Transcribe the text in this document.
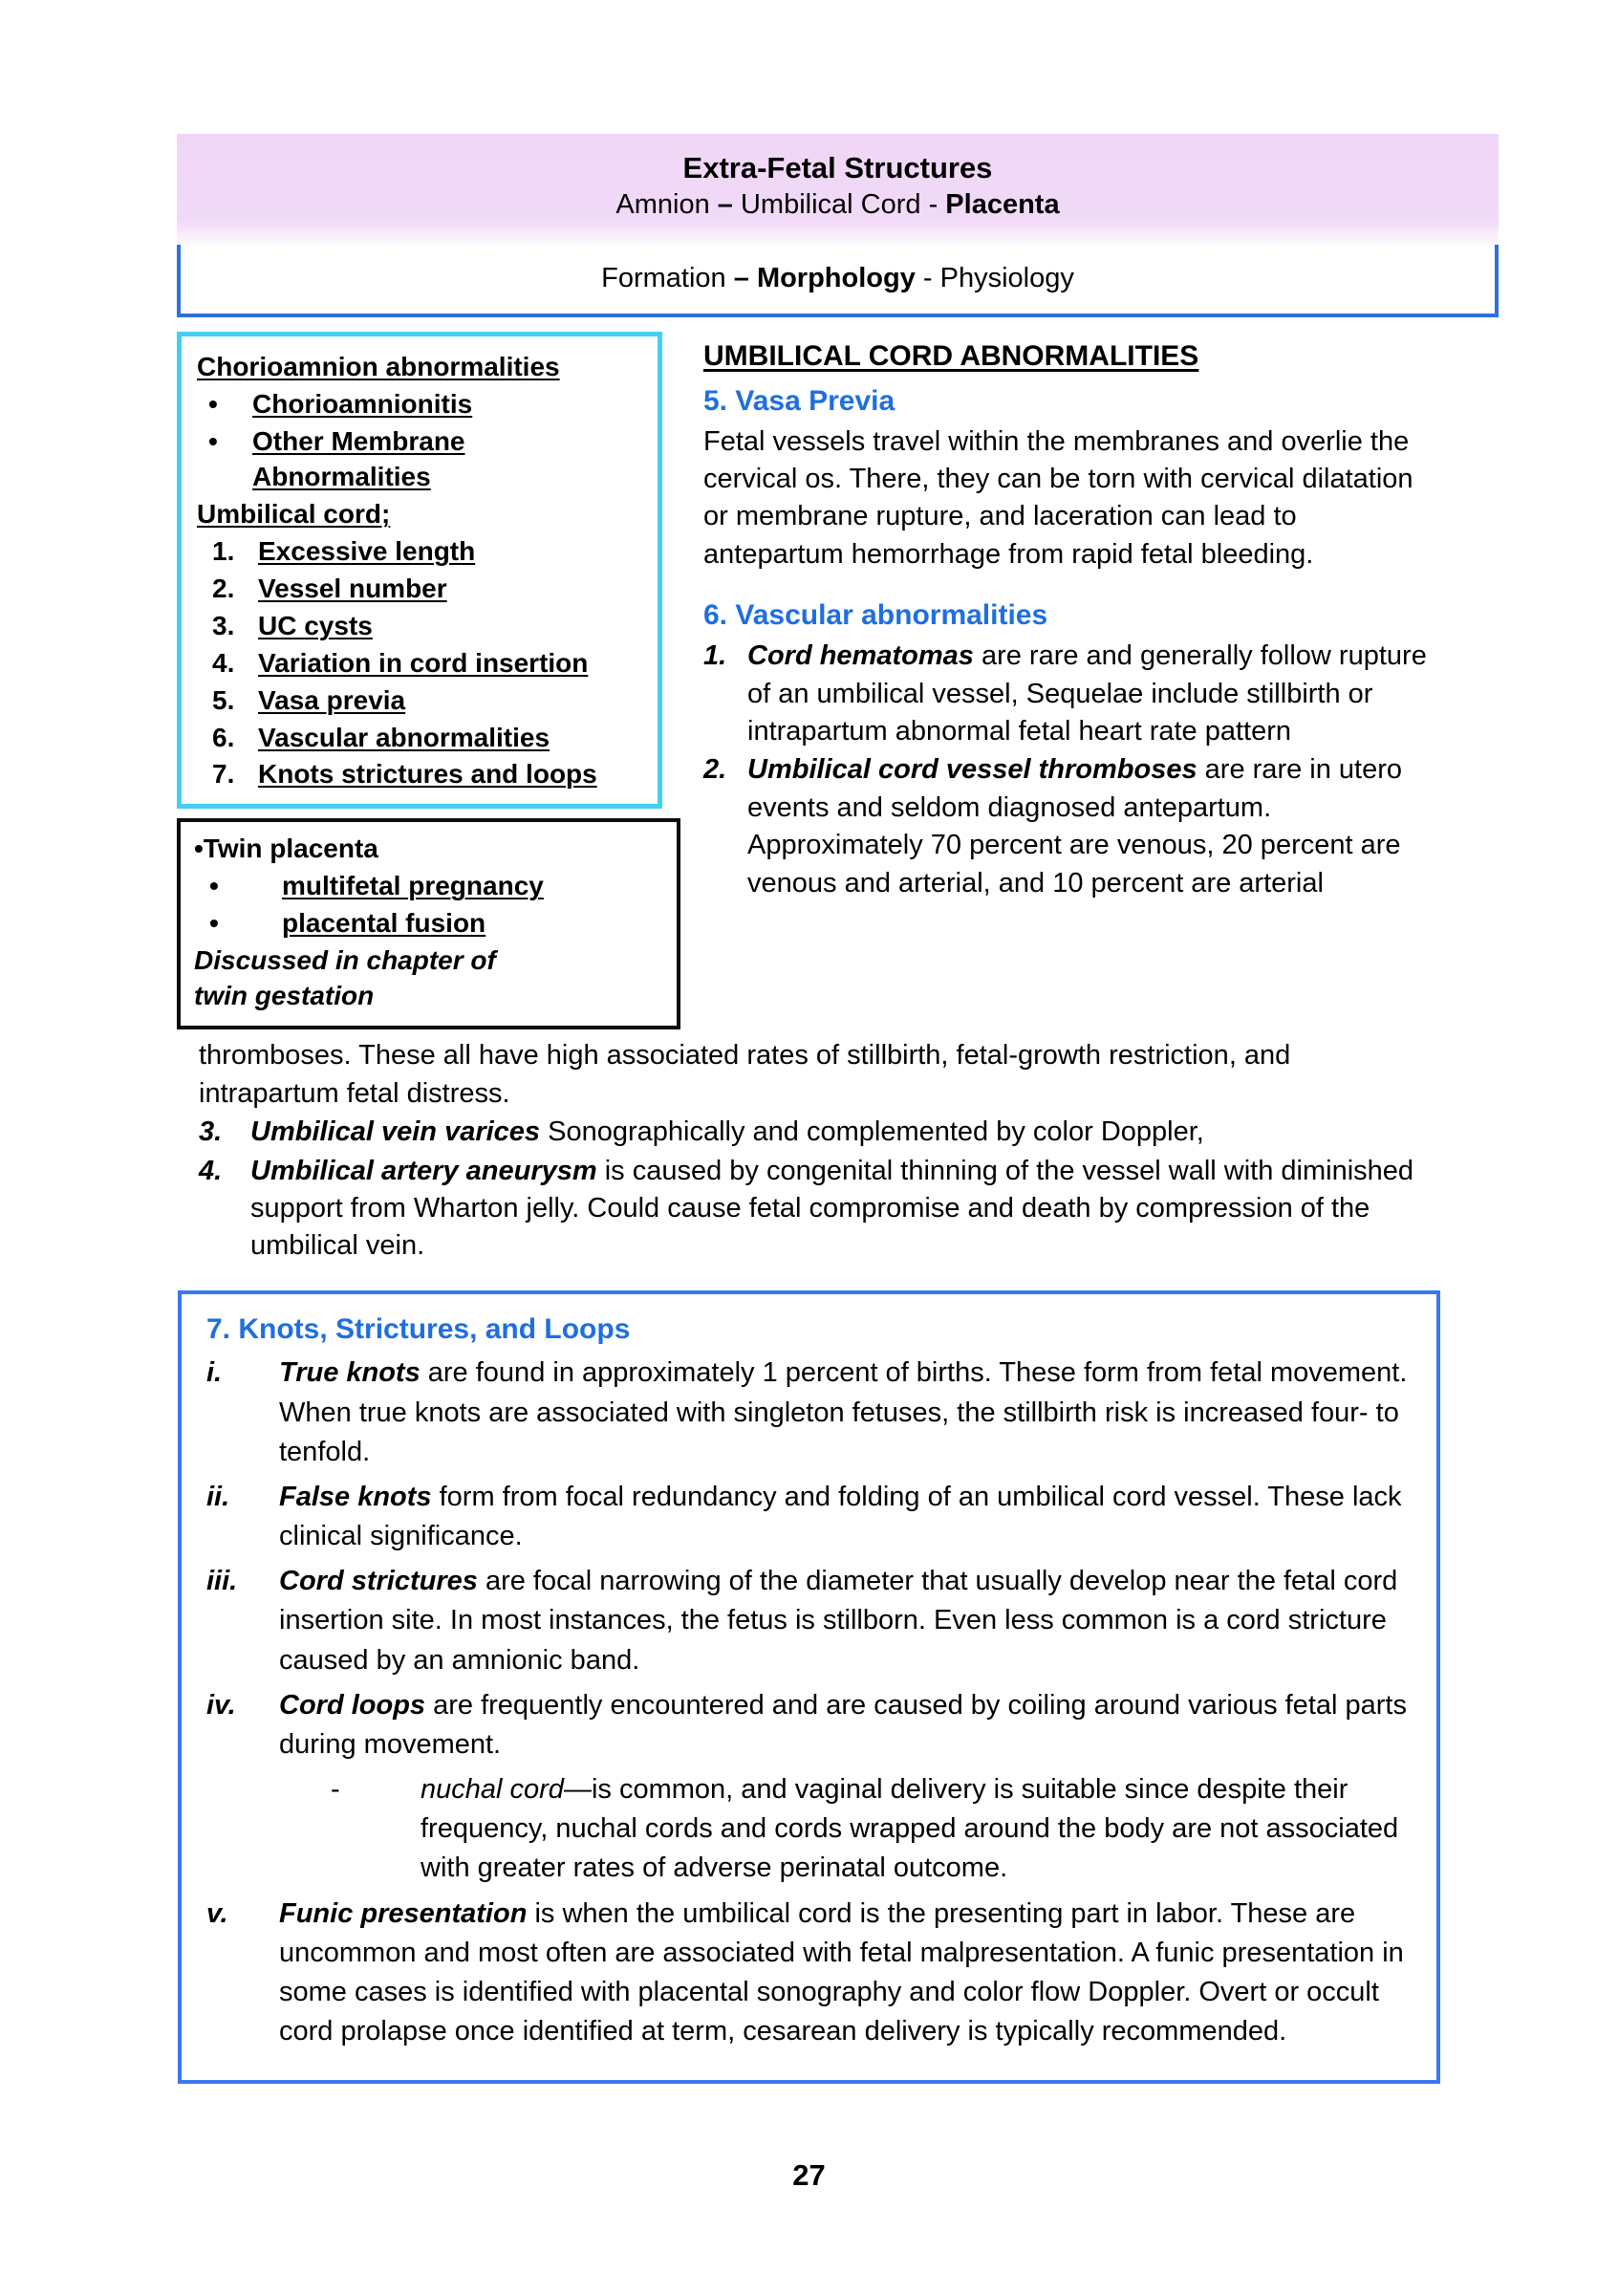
Extra-Fetal Structures
Amnion – Umbilical Cord - Placenta
Formation – Morphology - Physiology
Chorioamnion abnormalities
•	Chorioamnionitis
•	Other Membrane Abnormalities
Umbilical cord;
1. Excessive length
2. Vessel number
3. UC cysts
4. Variation in cord insertion
5. Vasa previa
6. Vascular abnormalities
7. Knots strictures and loops
•Twin placenta
•	multifetal pregnancy
•	placental fusion
Discussed in chapter of twin gestation
UMBILICAL CORD ABNORMALITIES
5. Vasa Previa

Fetal vessels travel within the membranes and overlie the cervical os. There, they can be torn with cervical dilatation or membrane rupture, and laceration can lead to antepartum hemorrhage from rapid fetal bleeding.

6. Vascular abnormalities
1. Cord hematomas are rare and generally follow rupture of an umbilical vessel, Sequelae include stillbirth or intrapartum abnormal fetal heart rate pattern
2. Umbilical cord vessel thromboses are rare in utero events and seldom diagnosed antepartum. Approximately 70 percent are venous, 20 percent are venous and arterial, and 10 percent are arterial

thromboses. These all have high associated rates of stillbirth, fetal-growth restriction, and intrapartum fetal distress.

3.	Umbilical vein varices Sonographically and complemented by color Doppler,
4.	Umbilical artery aneurysm is caused by congenital thinning of the vessel wall with diminished support from Wharton jelly. Could cause fetal compromise and death by compression of the umbilical vein.
7. Knots, Strictures, and Loops
i.	True knots are found in approximately 1 percent of births. These form from fetal movement. When true knots are associated with singleton fetuses, the stillbirth risk is increased four- to tenfold.
ii.	False knots form from focal redundancy and folding of an umbilical cord vessel. These lack clinical significance.
iii.	Cord strictures are focal narrowing of the diameter that usually develop near the fetal cord insertion site. In most instances, the fetus is stillborn. Even less common is a cord stricture caused by an amnionic band.
iv.	Cord loops are frequently encountered and are caused by coiling around various fetal parts during movement.
-	nuchal cord—is common, and vaginal delivery is suitable since despite their frequency, nuchal cords and cords wrapped around the body are not associated with greater rates of adverse perinatal outcome.
v.	Funic presentation is when the umbilical cord is the presenting part in labor. These are uncommon and most often are associated with fetal malpresentation. A funic presentation in some cases is identified with placental sonography and color flow Doppler. Overt or occult cord prolapse once identified at term, cesarean delivery is typically recommended.
27
